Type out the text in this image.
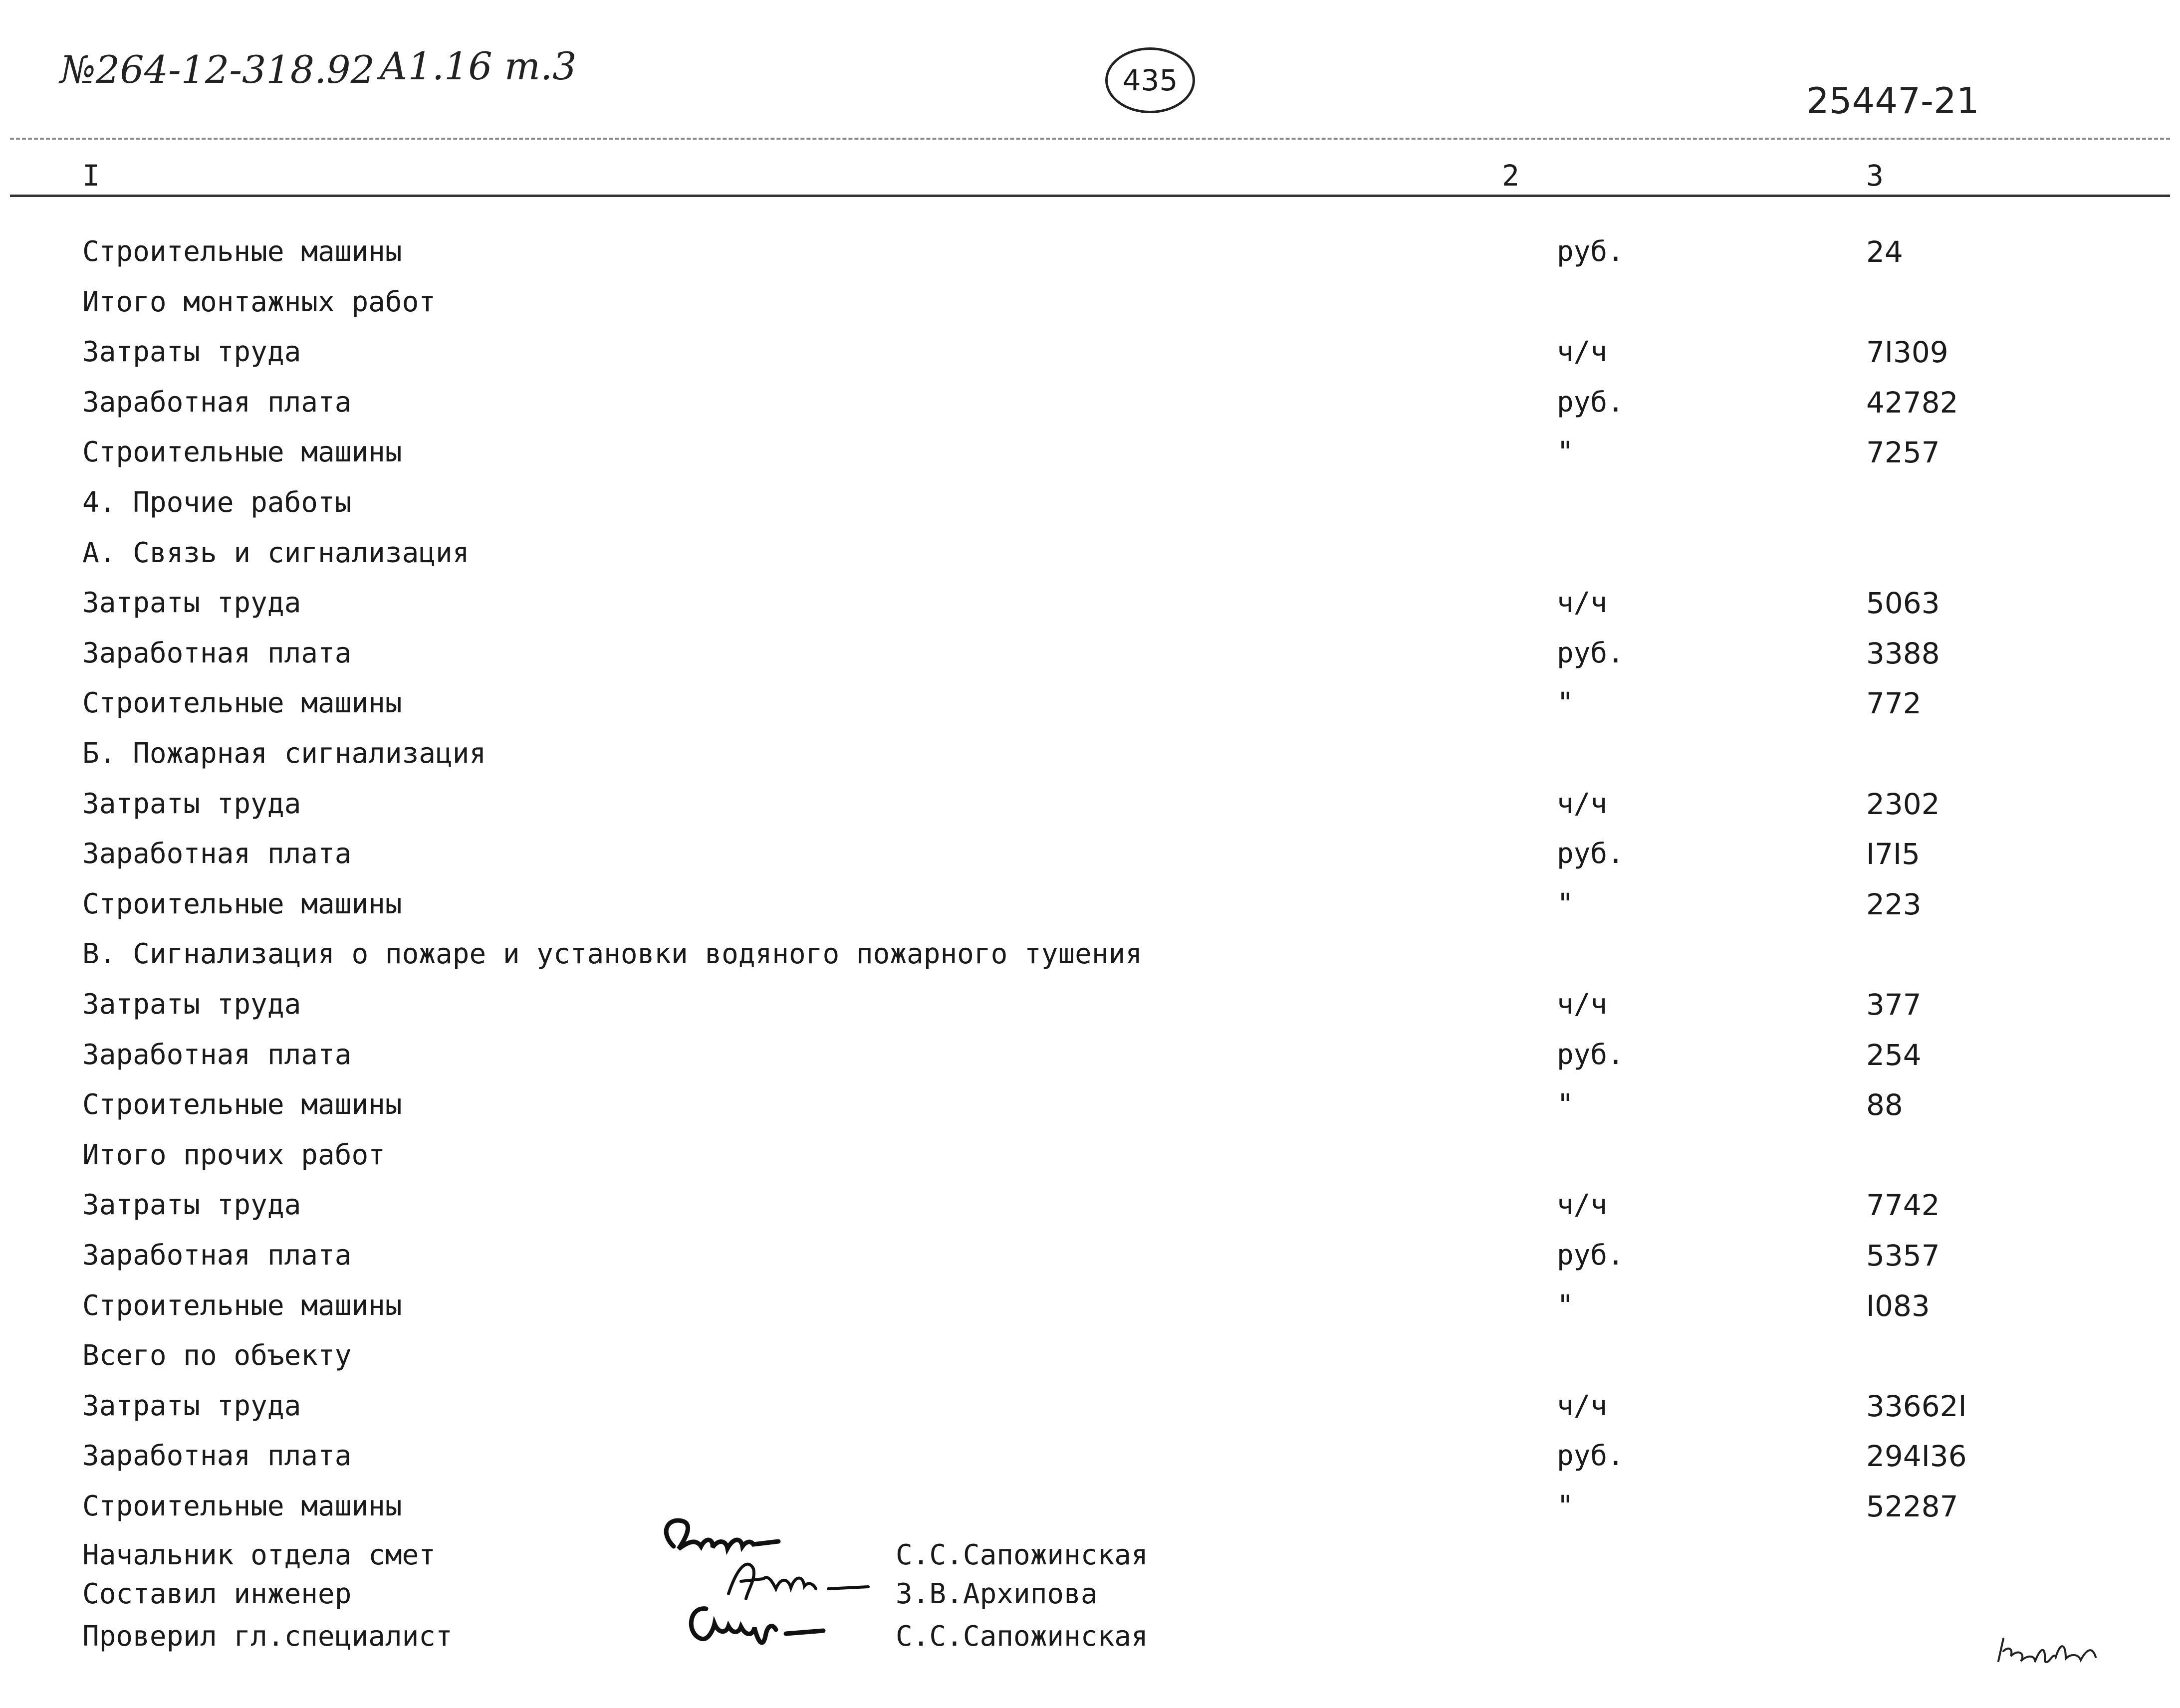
№264-12-318.92 А1.16 т.3	435	25447-21
I	2	3
Строительные машины	руб.	24
Итого монтажных работ
Затраты труда	ч/ч	7I309
Заработная плата	руб.	42782
Строительные машины	"	7257
4. Прочие работы
А. Связь и сигнализация
Затраты труда	ч/ч	5063
Заработная плата	руб.	3388
Строительные машины	"	772
Б. Пожарная сигнализация
Затраты труда	ч/ч	2302
Заработная плата	руб.	I7I5
Строительные машины	"	223
В. Сигнализация о пожаре и установки водяного пожарного тушения
Затраты труда	ч/ч	377
Заработная плата	руб.	254
Строительные машины	"	88
Итого прочих работ
Затраты труда	ч/ч	7742
Заработная плата	руб.	5357
Строительные машины	"	I083
Всего по объекту
Затраты труда	ч/ч	33662I
Заработная плата	руб.	294I36
Строительные машины	"	52287
Начальник отдела смет
Составил инженер
Проверил гл.специалист
С.С.Сапожинская
З.В.Архипова
С.С.Сапожинская
